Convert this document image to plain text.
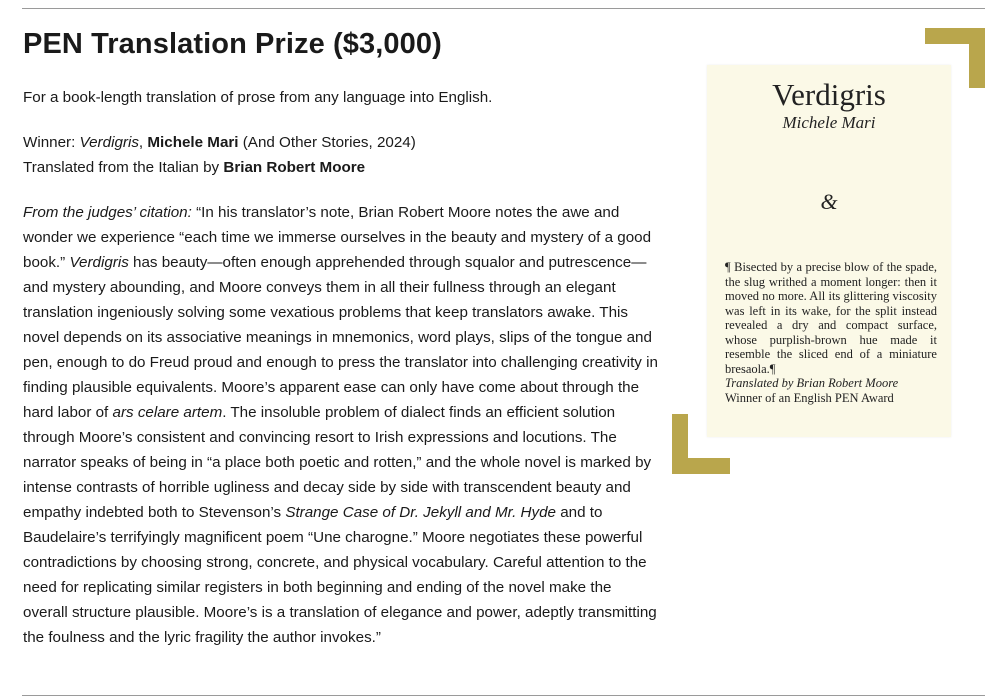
PEN Translation Prize ($3,000)

For a book-length translation of prose from any language into English.

Winner: Verdigris, Michele Mari (And Other Stories, 2024)
Translated from the Italian by Brian Robert Moore

From the judges’ citation: “In his translator’s note, Brian Robert Moore notes the awe and wonder we experience “each time we immerse ourselves in the beauty and mystery of a good book.” Verdigris has beauty—often enough apprehended through squalor and putrescence—and mystery abounding, and Moore conveys them in all their fullness through an elegant translation ingeniously solving some vexatious problems that keep translators awake. This novel depends on its associative meanings in mnemonics, word plays, slips of the tongue and pen, enough to do Freud proud and enough to press the translator into challenging creativity in finding plausible equivalents. Moore’s apparent ease can only have come about through the hard labor of ars celare artem. The insoluble problem of dialect finds an efficient solution through Moore’s consistent and convincing resort to Irish expressions and locutions. The narrator speaks of being in “a place both poetic and rotten,” and the whole novel is marked by intense contrasts of horrible ugliness and decay side by side with transcendent beauty and empathy indebted both to Stevenson’s Strange Case of Dr. Jekyll and Mr. Hyde and to Baudelaire’s terrifyingly magnificent poem “Une charogne.” Moore negotiates these powerful contradictions by choosing strong, concrete, and physical vocabulary. Careful attention to the need for replicating similar registers in both beginning and ending of the novel make the overall structure plausible. Moore’s is a translation of elegance and power, adeptly transmitting the foulness and the lyric fragility the author invokes.”

Verdigris
Michele Mari
&
¶ Bisected by a precise blow of the spade, the slug writhed a moment longer: then it moved no more. All its glittering viscosity was left in its wake, for the split instead revealed a dry and compact surface, whose purplish-brown hue made it resemble the sliced end of a miniature bresaola.¶
Translated by Brian Robert Moore
Winner of an English PEN Award
